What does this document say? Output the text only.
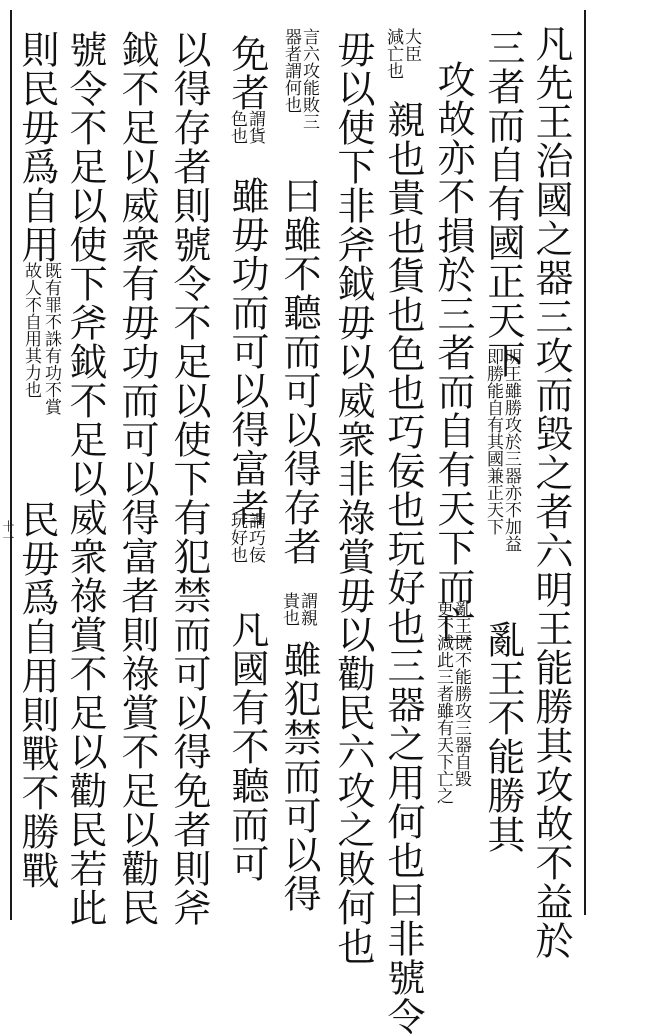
凡先王治國之器三攻而毀之者六明王能勝其攻故不益於
三者而自有國正天下
明王雖勝攻於三器亦不加益
即勝能自有其國兼正天下
亂王不能勝其
攻故亦不損於三者而自有天下而亡
亂王既不能勝攻三器自毀
更不減此三者雖有天下亡之
大臣
減亡也
親也貴也貨也色也巧佞也玩好也三器之用何也曰非號令
毋以使下非斧鉞毋以威衆非祿賞毋以勸民六攻之敗何也
言六攻能敗三
器者謂何也
曰雖不聽而可以得存者
謂親
貴也
雖犯禁而可以得
免者
謂貨
色也
雖毋功而可以得富者
謂巧佞
玩好也
凡國有不聽而可
以得存者則號令不足以使下有犯禁而可以得免者則斧
鉞不足以威衆有毋功而可以得富者則祿賞不足以勸民
號令不足以使下斧鉞不足以威衆祿賞不足以勸民若此
則民毋爲自用
既有罪不誅有功不賞
故人不自用其力也
民毋爲自用則戰不勝戰
十一
